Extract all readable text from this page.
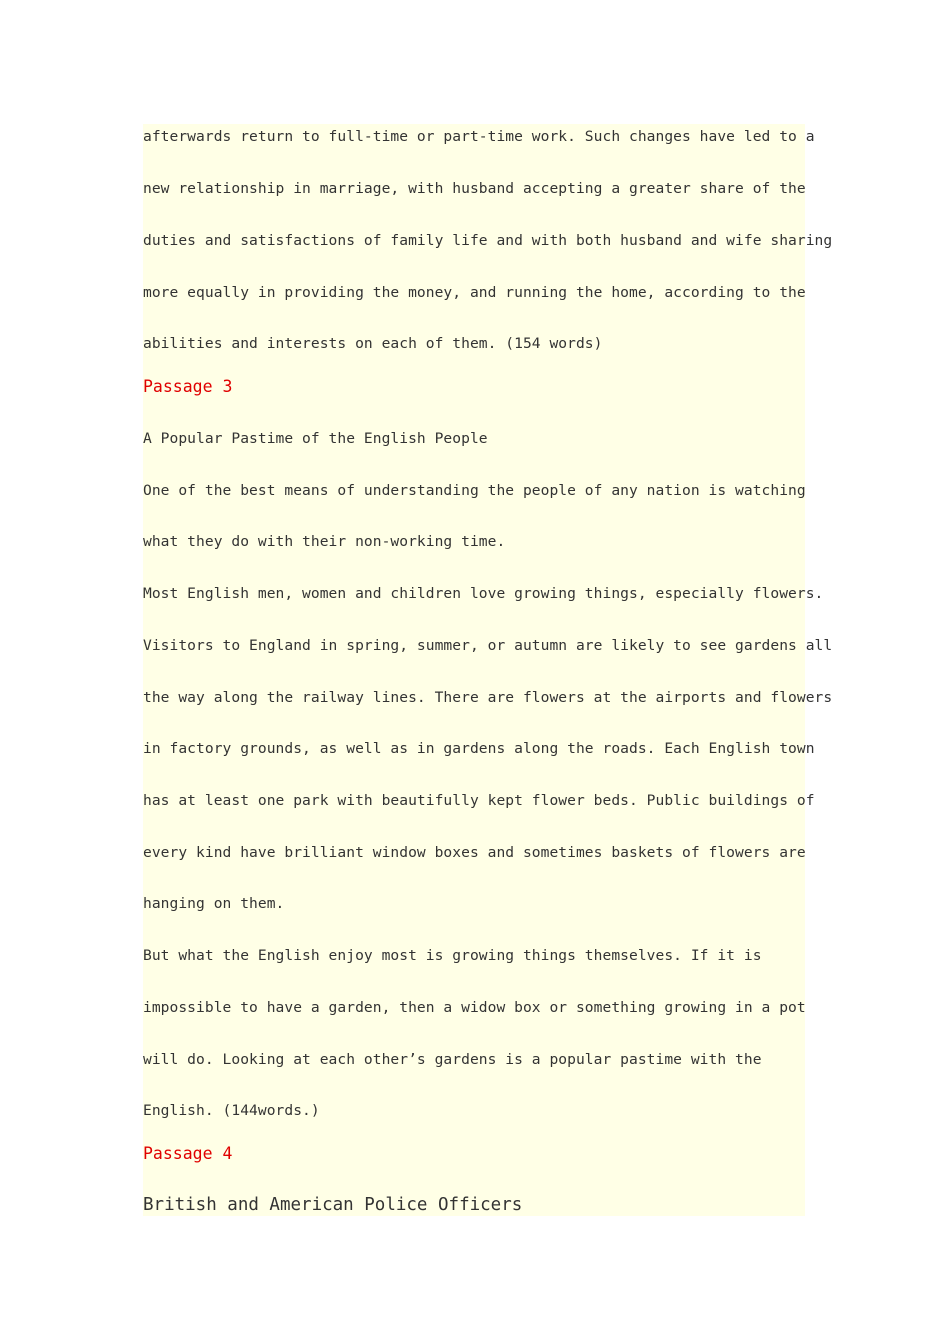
afterwards return to full-time or part-time work. Such changes have led to a
new relationship in marriage, with husband accepting a greater share of the
duties and satisfactions of family life and with both husband and wife sharing
more equally in providing the money, and running the home, according to the
abilities and interests on each of them. (154 words)
Passage 3
A Popular Pastime of the English People
One of the best means of understanding the people of any nation is watching
what they do with their non-working time.
Most English men, women and children love growing things, especially flowers.
Visitors to England in spring, summer, or autumn are likely to see gardens all
the way along the railway lines. There are flowers at the airports and flowers
in factory grounds, as well as in gardens along the roads. Each English town
has at least one park with beautifully kept flower beds. Public buildings of
every kind have brilliant window boxes and sometimes baskets of flowers are
hanging on them.
But what the English enjoy most is growing things themselves. If it is
impossible to have a garden, then a widow box or something growing in a pot
will do. Looking at each other’s gardens is a popular pastime with the
English. (144words.)
Passage 4
British and American Police Officers
